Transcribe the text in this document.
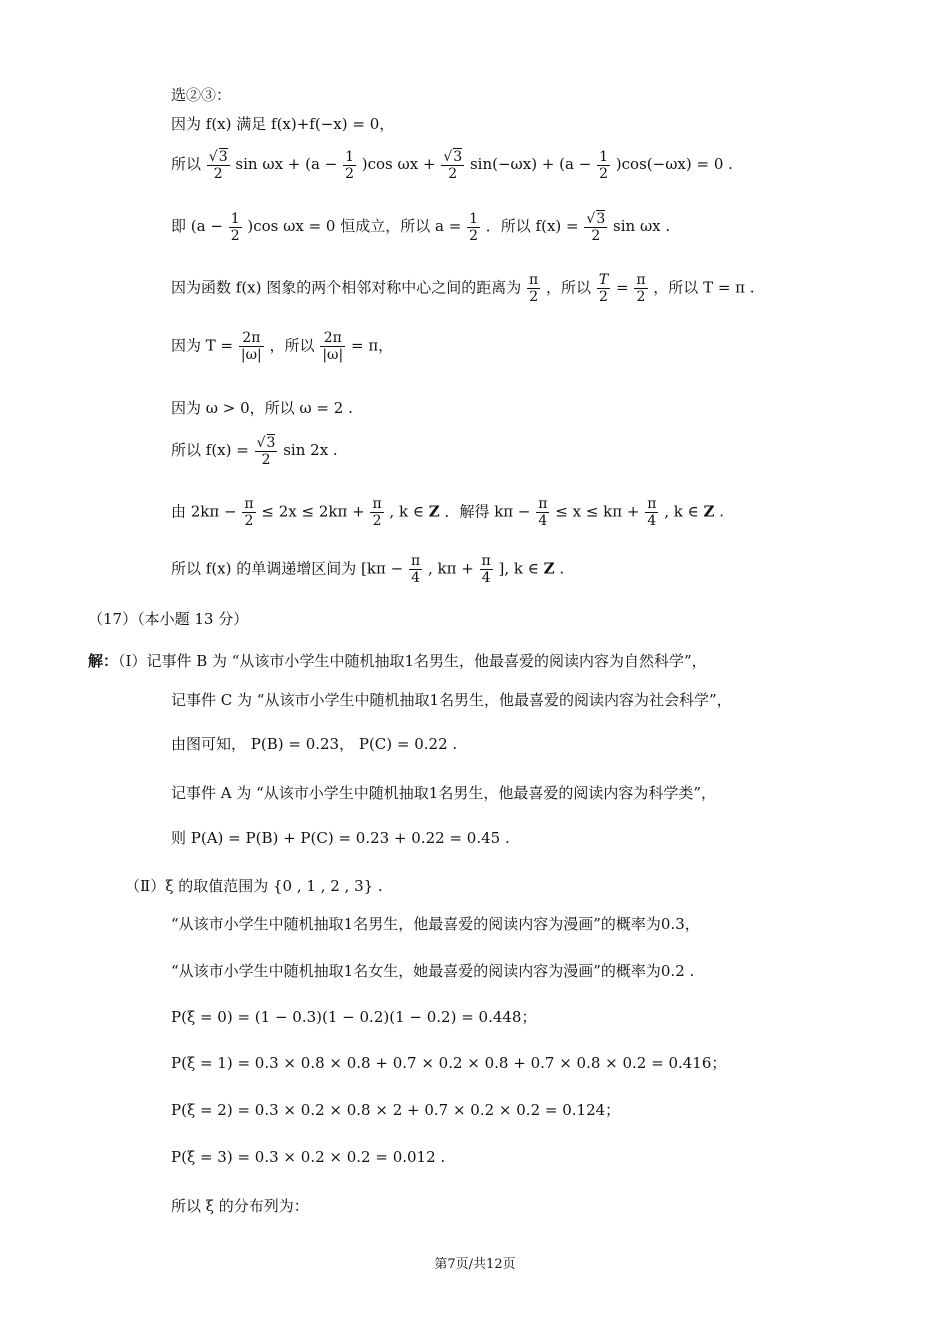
选②③：
因为 f(x) 满足 f(x)+f(−x) = 0，
所以 $\frac{√3}{2}$ $\sin \omega x + (a - \frac{1}{2} )\cos$ $\omega x + \frac{√3}{2} \sin(-\omega x) + (a - \frac{1}{2} )\cos(-\omega x) = 0$ .
即 $(a - \frac{1}{2} )\cos$ ωx = 0 恒成立，所以 $a = \frac{1}{2}$ ．所以 $f(x) = \frac{√3}{2}$ sin ωx .
因为函数 f(x) 图象的两个相邻对称中心之间的距离为 $\frac{\pi}{2}$ ，所以 $\frac{T}{2} = \frac{\pi}{2}$ ，所以 T = π .
因为 $T = \frac{2\pi}{|\omega|}$ ，所以 $\frac{2\pi}{|\omega|} = \pi$，
因为 ω > 0，所以 ω = 2 .
所以 $f(x) = \frac{√3}{2}$ sin 2x .
由 $2k\pi - \frac{\pi}{2} \le 2x \le 2k\pi + \frac{\pi}{2}$ , k ∈ Z ．解得 $k\pi - \frac{\pi}{4} \le x \le k\pi + \frac{\pi}{4}$ , k ∈ Z .
所以 f(x) 的单调递增区间为 [$k\pi - \frac{\pi}{4}$ , $k\pi + \frac{\pi}{4}$ ], k ∈ Z .
（17）（本小题 13 分）
解：（Ⅰ）记事件 B 为 “从该市小学生中随机抽取1名男生，他最喜爱的阅读内容为自然科学”，
记事件 C 为 “从该市小学生中随机抽取1名男生，他最喜爱的阅读内容为社会科学”，
由图可知， P(B) = 0.23， P(C) = 0.22 .
记事件 A 为 “从该市小学生中随机抽取1名男生，他最喜爱的阅读内容为科学类”，
则 P(A) = P(B) + P(C) = 0.23 + 0.22 = 0.45 .
（Ⅱ）ξ 的取值范围为 {0 , 1 , 2 , 3} .
“从该市小学生中随机抽取1名男生，他最喜爱的阅读内容为漫画”的概率为0.3，
“从该市小学生中随机抽取1名女生，她最喜爱的阅读内容为漫画”的概率为0.2 .
P(ξ = 0) = (1 − 0.3)(1 − 0.2)(1 − 0.2) = 0.448；
P(ξ = 1) = 0.3 × 0.8 × 0.8 + 0.7 × 0.2 × 0.8 + 0.7 × 0.8 × 0.2 = 0.416；
P(ξ = 2) = 0.3 × 0.2 × 0.8 × 2 + 0.7 × 0.2 × 0.2 = 0.124；
P(ξ = 3) = 0.3 × 0.2 × 0.2 = 0.012 .
所以 ξ 的分布列为：
第7页/共12页
